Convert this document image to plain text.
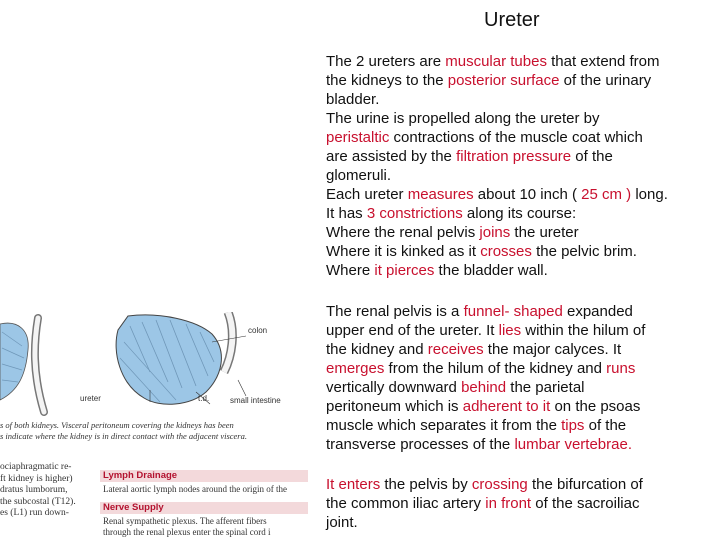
Ureter
The 2 ureters are muscular tubes that extend from
the kidneys to the posterior surface of the urinary
bladder.
The urine is propelled along the ureter by
peristaltic contractions of the muscle coat which
are assisted by the filtration pressure of the
glomeruli.
Each ureter measures about 10 inch ( 25 cm ) long.
It has 3 constrictions along its course:
Where the renal pelvis joins the ureter
Where it is kinked as it crosses the pelvic brim.
Where it pierces the bladder wall.
The renal pelvis is a funnel- shaped expanded
upper end of the ureter. It lies within the hilum of
the kidney and receives the major calyces. It
emerges from the hilum of the kidney and runs
vertically downward behind the parietal
peritoneum which is adherent to it on the psoas
muscle which separates it from the tips of the
transverse processes of the lumbar vertebrae.
It enters the pelvis by crossing the bifurcation of
the common iliac artery in front of the sacroiliac
joint.
colon
ureter	t.d.	small intestine
s of both kidneys. Visceral peritoneum covering the kidneys has been
s indicate where the kidney is in direct contact with the adjacent viscera.
ociaphragmatic re-
ft kidney is higher)
dratus lumborum,
the subcostal (T12).
es (L1) run down-
Lymph Drainage
Lateral aortic lymph nodes around the origin of the
Nerve Supply
Renal sympathetic plexus. The afferent fibers
through the renal plexus enter the spinal cord i
